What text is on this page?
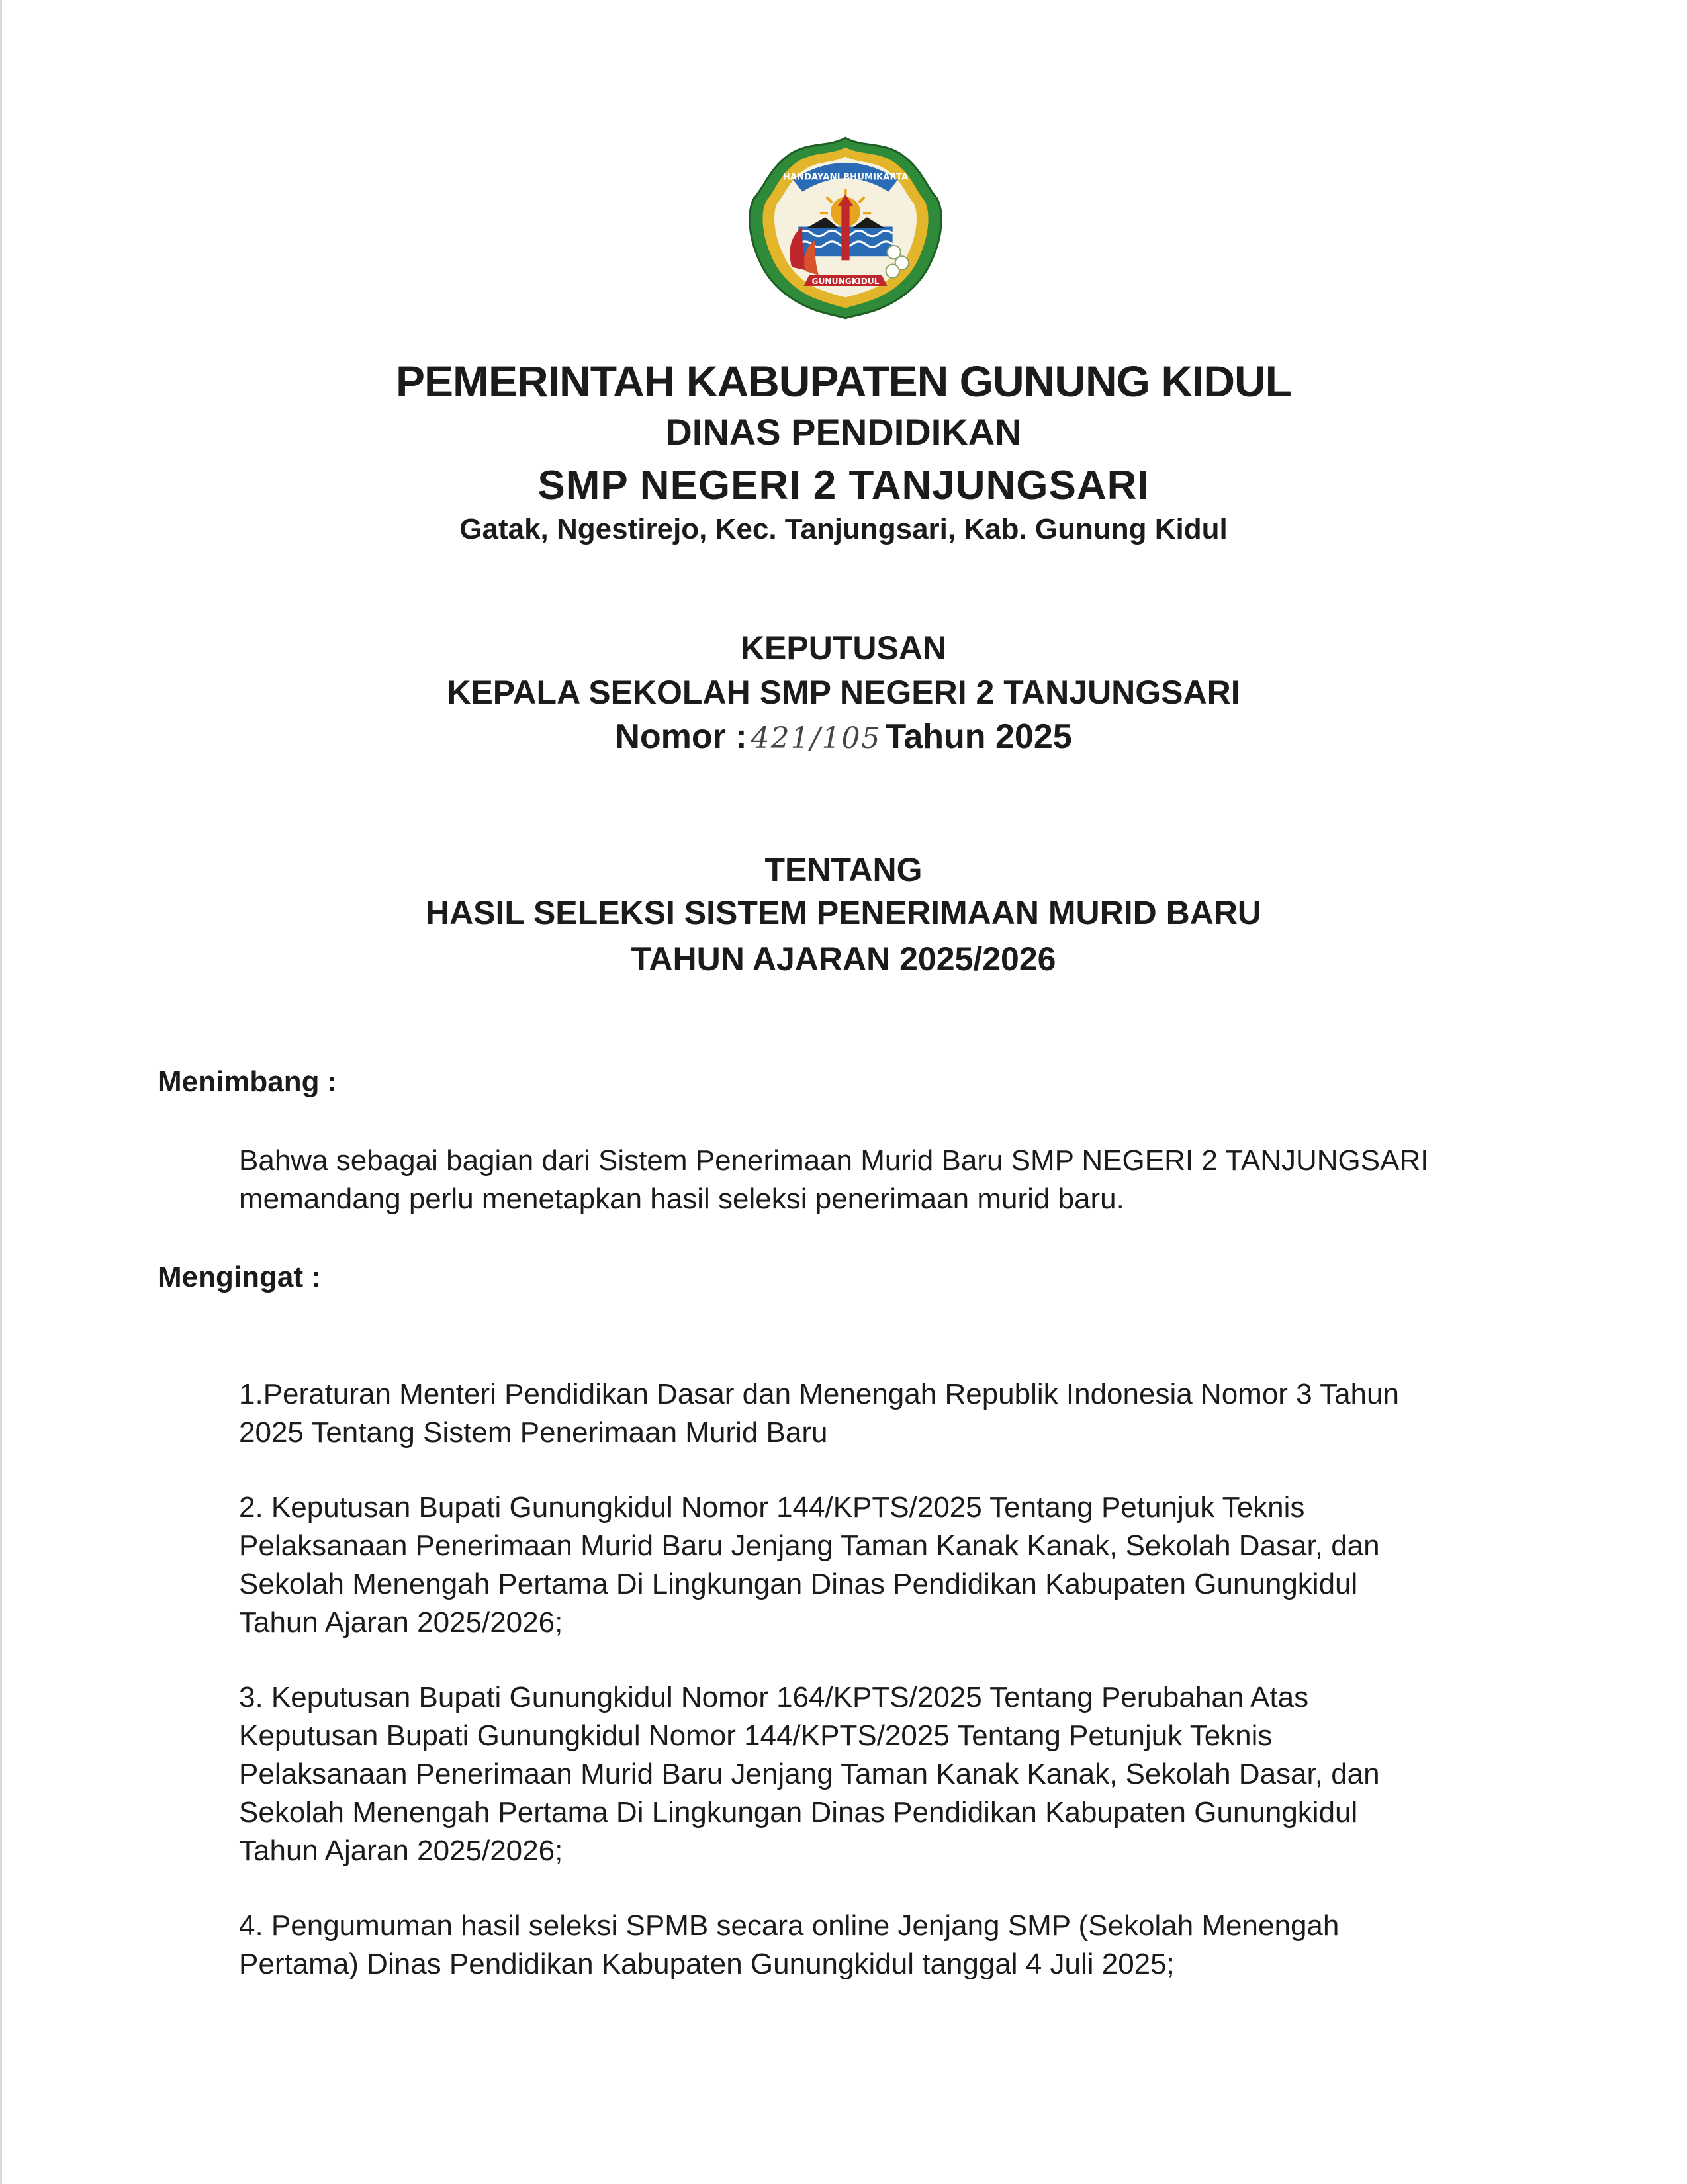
HANDAYANI BHUMIKARTA
GUNUNGKIDUL
PEMERINTAH KABUPATEN GUNUNG KIDUL
DINAS PENDIDIKAN
SMP NEGERI 2 TANJUNGSARI
Gatak, Ngestirejo, Kec. Tanjungsari, Kab. Gunung Kidul
KEPUTUSAN
KEPALA SEKOLAH SMP NEGERI 2 TANJUNGSARI
Nomor : 421/105 Tahun 2025
TENTANG
HASIL SELEKSI SISTEM PENERIMAAN MURID BARU
TAHUN AJARAN 2025/2026
Menimbang :
Bahwa sebagai bagian dari Sistem Penerimaan Murid Baru SMP NEGERI 2 TANJUNGSARI
memandang perlu menetapkan hasil seleksi penerimaan murid baru.
Mengingat :
1.Peraturan Menteri Pendidikan Dasar dan Menengah Republik Indonesia Nomor 3 Tahun
2025 Tentang Sistem Penerimaan Murid Baru
2. Keputusan Bupati Gunungkidul Nomor 144/KPTS/2025 Tentang Petunjuk Teknis
Pelaksanaan Penerimaan Murid Baru Jenjang Taman Kanak Kanak, Sekolah Dasar, dan
Sekolah Menengah Pertama Di Lingkungan Dinas Pendidikan Kabupaten Gunungkidul
Tahun Ajaran 2025/2026;
3. Keputusan Bupati Gunungkidul Nomor 164/KPTS/2025 Tentang Perubahan Atas
Keputusan Bupati Gunungkidul Nomor 144/KPTS/2025 Tentang Petunjuk Teknis
Pelaksanaan Penerimaan Murid Baru Jenjang Taman Kanak Kanak, Sekolah Dasar, dan
Sekolah Menengah Pertama Di Lingkungan Dinas Pendidikan Kabupaten Gunungkidul
Tahun Ajaran 2025/2026;
4. Pengumuman hasil seleksi SPMB secara online Jenjang SMP (Sekolah Menengah
Pertama) Dinas Pendidikan Kabupaten Gunungkidul tanggal 4 Juli 2025;
